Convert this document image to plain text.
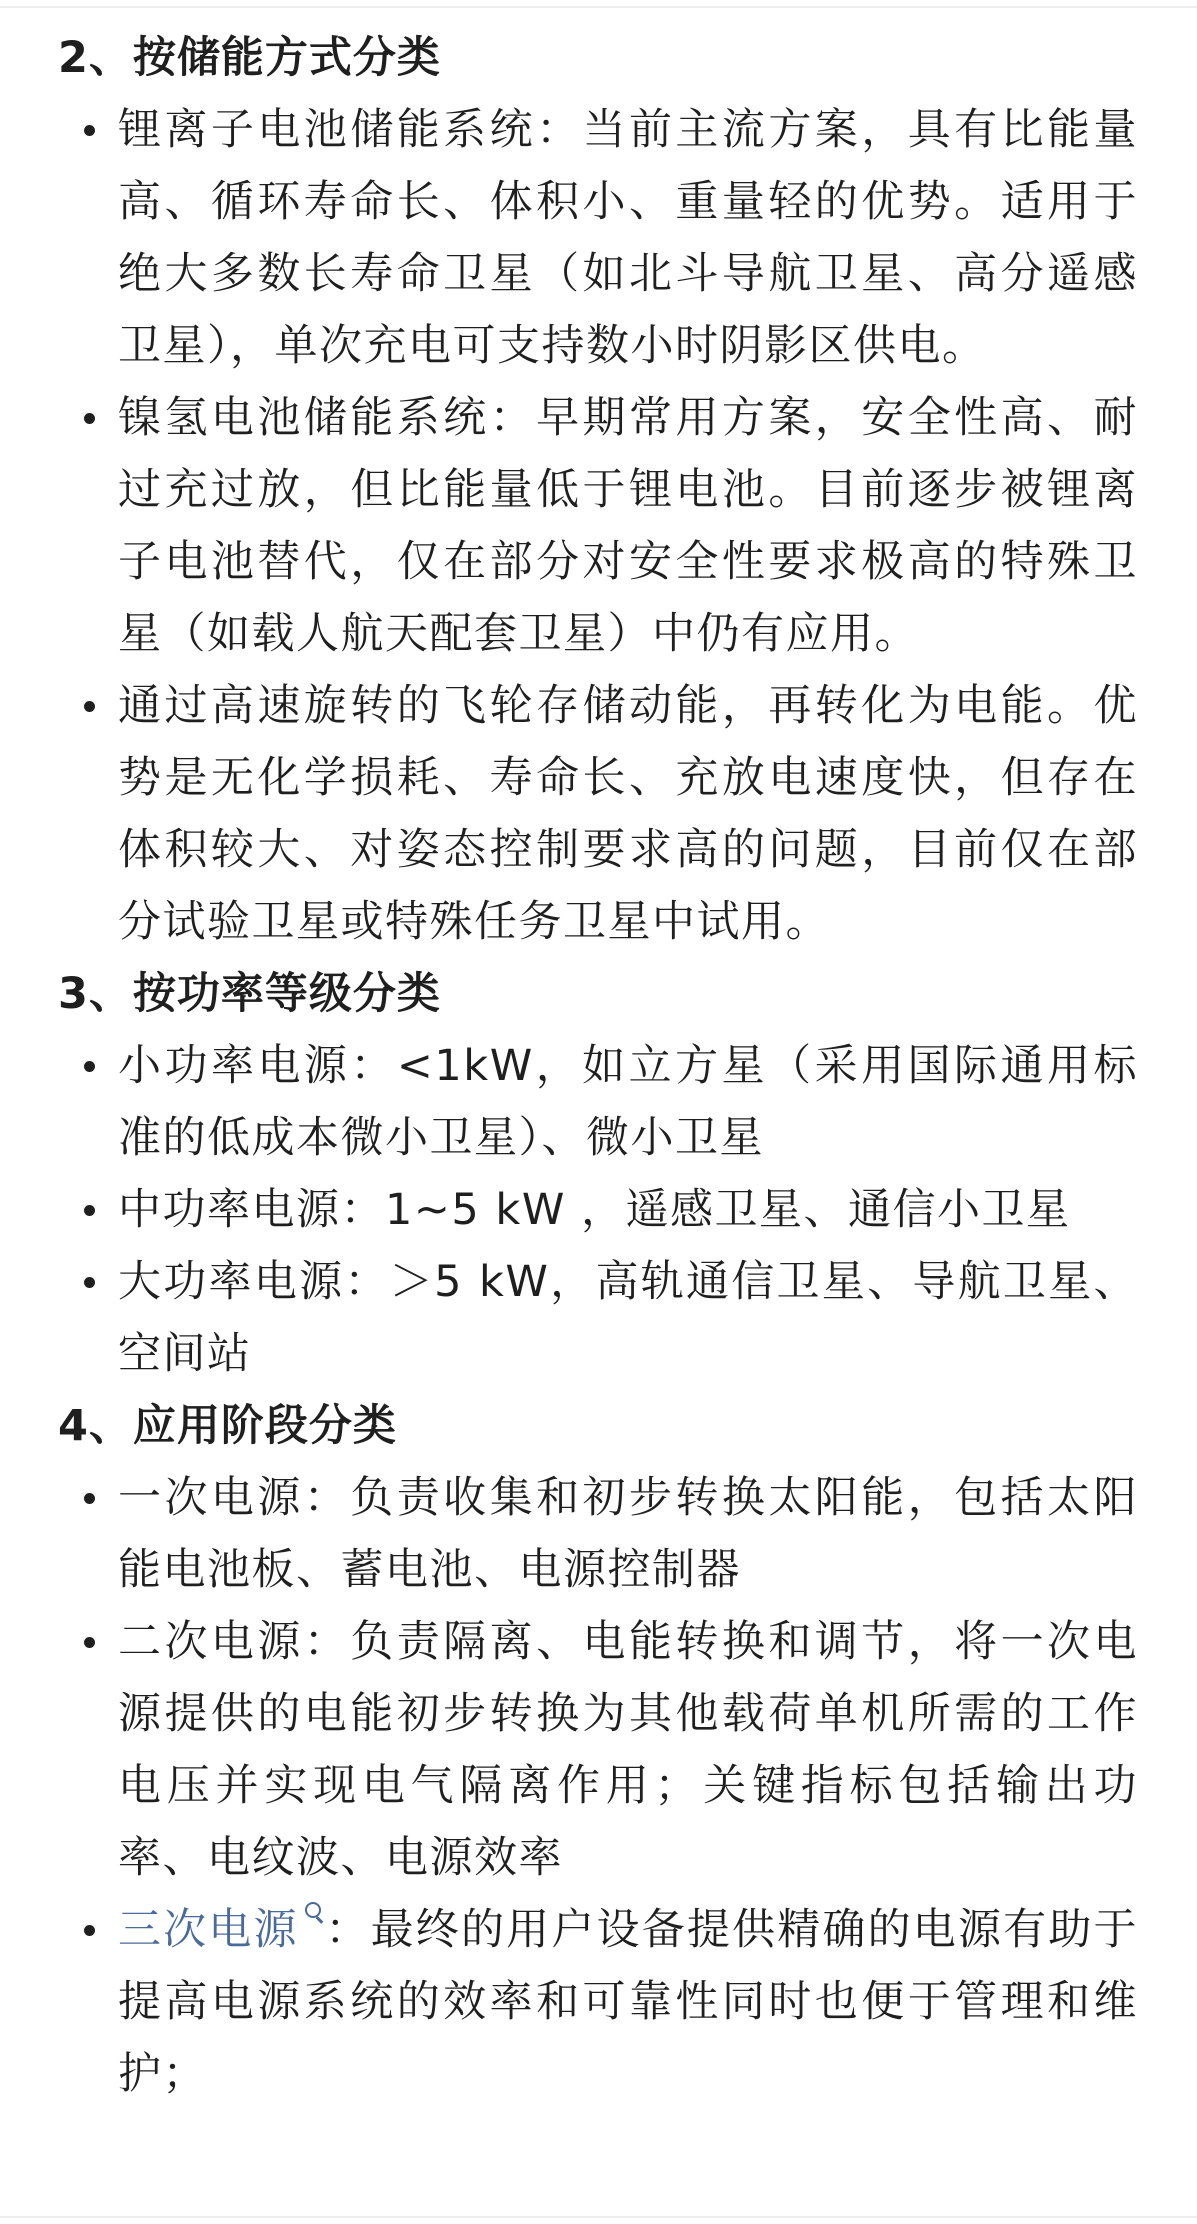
2、按储能方式分类
锂离子电池储能系统：当前主流方案，具有比能量高、循环寿命长、体积小、重量轻的优势。适用于绝大多数长寿命卫星（如北斗导航卫星、高分遥感卫星），单次充电可支持数小时阴影区供电。
镍氢电池储能系统：早期常用方案，安全性高、耐过充过放，但比能量低于锂电池。目前逐步被锂离子电池替代，仅在部分对安全性要求极高的特殊卫星（如载人航天配套卫星）中仍有应用。
通过高速旋转的飞轮存储动能，再转化为电能。优势是无化学损耗、寿命长、充放电速度快，但存在体积较大、对姿态控制要求高的问题，目前仅在部分试验卫星或特殊任务卫星中试用。
3、按功率等级分类
小功率电源：<1kW，如立方星（采用国际通用标准的低成本微小卫星）、微小卫星
中功率电源：1~5 kW ，遥感卫星、通信小卫星
大功率电源：＞5 kW，高轨通信卫星、导航卫星、空间站
4、应用阶段分类
一次电源：负责收集和初步转换太阳能，包括太阳能电池板、蓄电池、电源控制器
二次电源：负责隔离、电能转换和调节，将一次电源提供的电能初步转换为其他载荷单机所需的工作电压并实现电气隔离作用；关键指标包括输出功率、电纹波、电源效率
三次电源 ：最终的用户设备提供精确的电源有助于提高电源系统的效率和可靠性同时也便于管理和维护；
